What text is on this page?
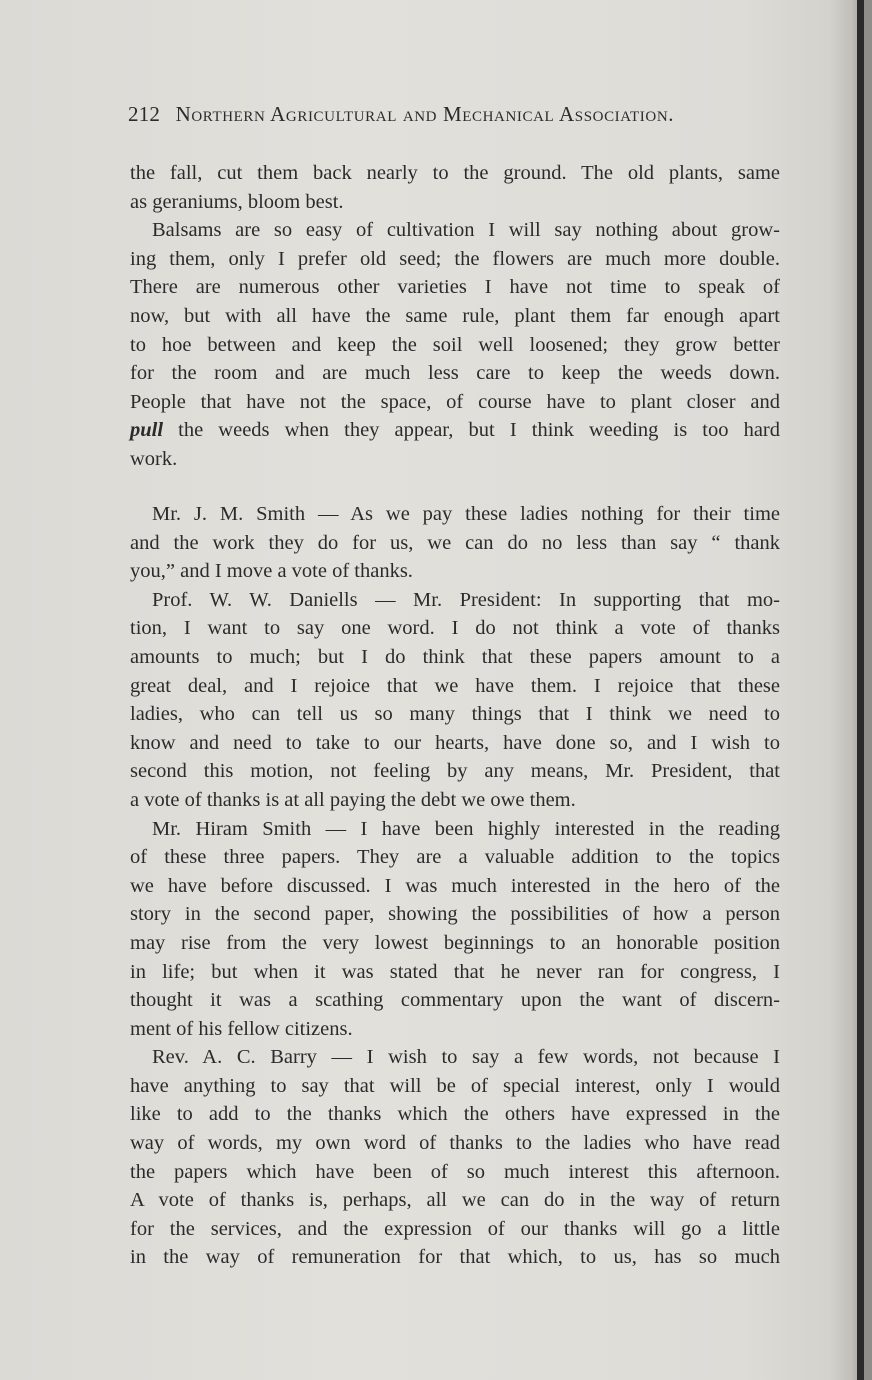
212 Northern Agricultural and Mechanical Association.
the fall, cut them back nearly to the ground. The old plants, same
as geraniums, bloom best.
Balsams are so easy of cultivation I will say nothing about grow-
ing them, only I prefer old seed; the flowers are much more double.
There are numerous other varieties I have not time to speak of
now, but with all have the same rule, plant them far enough apart
to hoe between and keep the soil well loosened; they grow better
for the room and are much less care to keep the weeds down.
People that have not the space, of course have to plant closer and
pull the weeds when they appear, but I think weeding is too hard
work.
Mr. J. M. Smith — As we pay these ladies nothing for their time
and the work they do for us, we can do no less than say “ thank
you,” and I move a vote of thanks.
Prof. W. W. Daniells — Mr. President: In supporting that mo-
tion, I want to say one word. I do not think a vote of thanks
amounts to much; but I do think that these papers amount to a
great deal, and I rejoice that we have them. I rejoice that these
ladies, who can tell us so many things that I think we need to
know and need to take to our hearts, have done so, and I wish to
second this motion, not feeling by any means, Mr. President, that
a vote of thanks is at all paying the debt we owe them.
Mr. Hiram Smith — I have been highly interested in the reading
of these three papers. They are a valuable addition to the topics
we have before discussed. I was much interested in the hero of the
story in the second paper, showing the possibilities of how a person
may rise from the very lowest beginnings to an honorable position
in life; but when it was stated that he never ran for congress, I
thought it was a scathing commentary upon the want of discern-
ment of his fellow citizens.
Rev. A. C. Barry — I wish to say a few words, not because I
have anything to say that will be of special interest, only I would
like to add to the thanks which the others have expressed in the
way of words, my own word of thanks to the ladies who have read
the papers which have been of so much interest this afternoon.
A vote of thanks is, perhaps, all we can do in the way of return
for the services, and the expression of our thanks will go a little
in the way of remuneration for that which, to us, has so much
